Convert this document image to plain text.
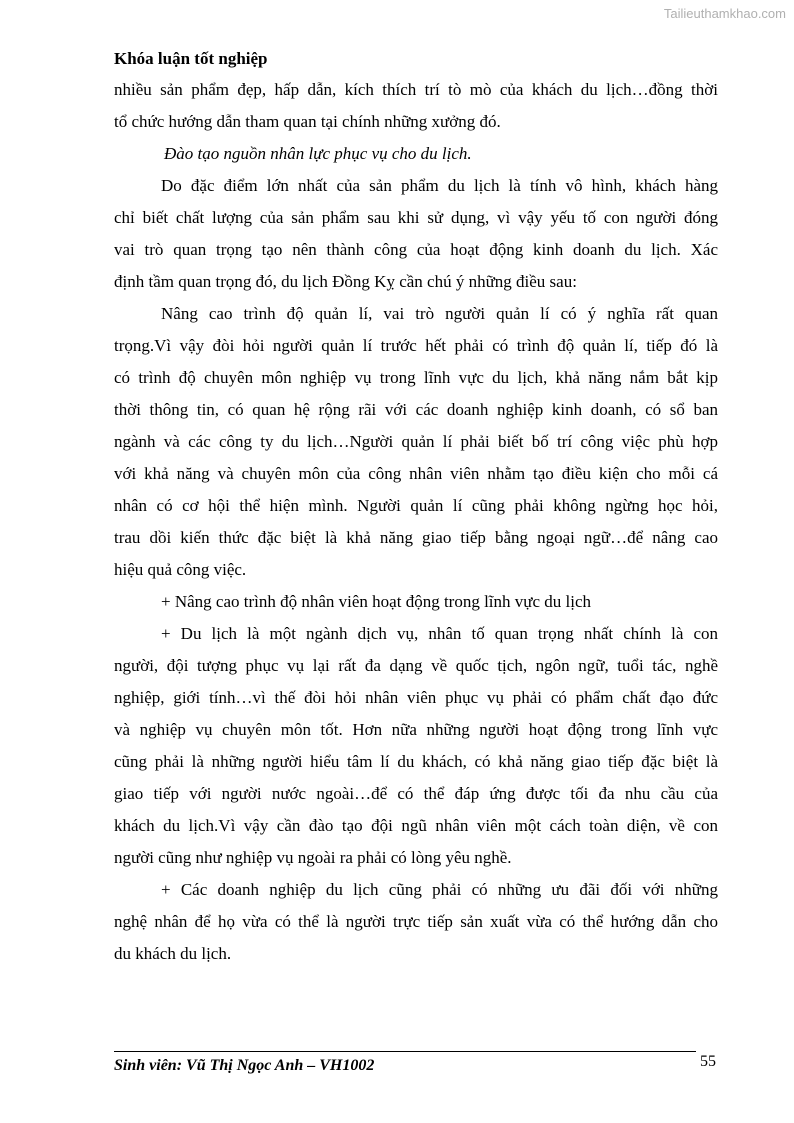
Tailieuthamkhao.com
Khóa luận tốt nghiệp
nhiều sản phẩm đẹp, hấp dẫn, kích thích trí tò mò của khách du lịch…đồng thời
tổ chức hướng dẫn tham quan tại chính những xưởng đó.
Đào tạo nguồn nhân lực phục vụ cho du lịch.
Do đặc điểm lớn nhất của sản phẩm du lịch là tính vô hình, khách hàng
chỉ biết chất lượng của sản phẩm sau khi sử dụng, vì vậy yếu tố con người đóng
vai trò quan trọng tạo nên thành công của hoạt động kinh doanh du lịch. Xác
định tầm quan trọng đó, du lịch Đồng Kỵ cần chú ý những điều sau:
Nâng cao trình độ quản lí, vai trò người quản lí có ý nghĩa rất quan
trọng.Vì vậy đòi hỏi người quản lí trước hết phải có trình độ quản lí, tiếp đó là
có trình độ chuyên môn nghiệp vụ trong lĩnh vực du lịch, khả năng nắm bắt kịp
thời thông tin, có quan hệ rộng rãi với các doanh nghiệp kinh doanh, có sổ ban
ngành và các công ty du lịch…Người quản lí phải biết bố trí công việc phù hợp
với khả năng và chuyên môn của công nhân viên nhằm tạo điều kiện cho mỗi cá
nhân có cơ hội thể hiện mình. Người quản lí cũng phải không ngừng học hỏi,
trau dồi kiến thức đặc biệt là khả năng giao tiếp bằng ngoại ngữ…để nâng cao
hiệu quả công việc.
+ Nâng cao trình độ nhân viên hoạt động trong lĩnh vực du lịch
+ Du lịch là một ngành dịch vụ, nhân tố quan trọng nhất chính là con
người, đội tượng phục vụ lại rất đa dạng về quốc tịch, ngôn ngữ, tuổi tác, nghề
nghiệp, giới tính…vì thế đòi hỏi nhân viên phục vụ phải có phẩm chất đạo đức
và nghiệp vụ chuyên môn tốt. Hơn nữa những người hoạt động trong lĩnh vực
cũng phải là những người hiểu tâm lí du khách, có khả năng giao tiếp đặc biệt là
giao tiếp với người nước ngoài…để có thể đáp ứng được tối đa nhu cầu của
khách du lịch.Vì vậy cần đào tạo đội ngũ nhân viên một cách toàn diện, về con
người cũng như nghiệp vụ ngoài ra phải có lòng yêu nghề.
+ Các doanh nghiệp du lịch cũng phải có những ưu đãi đối với những
nghệ nhân để họ vừa có thể là người trực tiếp sản xuất vừa có thể hướng dẫn cho
du khách du lịch.
Sinh viên: Vũ Thị Ngọc Anh – VH1002	55
